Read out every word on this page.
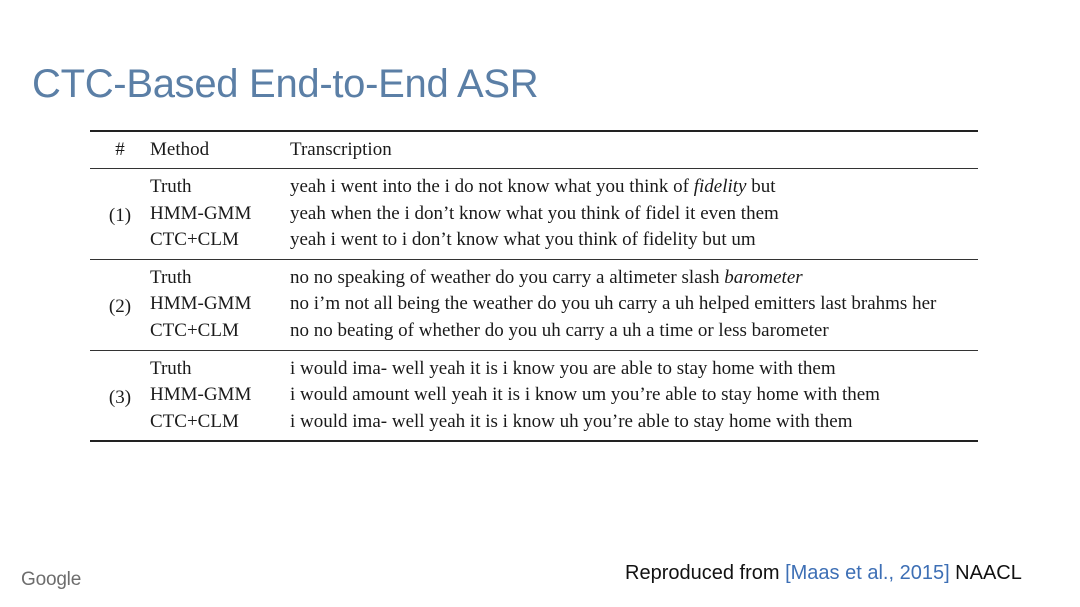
CTC-Based End-to-End ASR
#	Method	Transcription
(1)	Truth	yeah i went into the i do not know what you think of fidelity but
	HMM-GMM	yeah when the i don’t know what you think of fidel it even them
	CTC+CLM	yeah i went to i don’t know what you think of fidelity but um
(2)	Truth	no no speaking of weather do you carry a altimeter slash barometer
	HMM-GMM	no i’m not all being the weather do you uh carry a uh helped emitters last brahms her
	CTC+CLM	no no beating of whether do you uh carry a uh a time or less barometer
(3)	Truth	i would ima- well yeah it is i know you are able to stay home with them
	HMM-GMM	i would amount well yeah it is i know um you’re able to stay home with them
	CTC+CLM	i would ima- well yeah it is i know uh you’re able to stay home with them
Google	Reproduced from [Maas et al., 2015] NAACL
